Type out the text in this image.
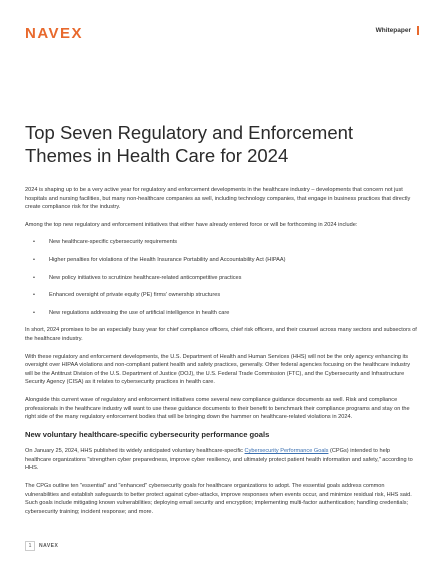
NAVEX	Whitepaper
Top Seven Regulatory and Enforcement Themes in Health Care for 2024

2024 is shaping up to be a very active year for regulatory and enforcement developments in the healthcare industry – developments that concern not just hospitals and nursing facilities, but many non-healthcare companies as well, including technology companies, that engage in business practices that directly create compliance risk for the industry.

Among the top new regulatory and enforcement initiatives that either have already entered force or will be forthcoming in 2024 include:

•	New healthcare-specific cybersecurity requirements
•	Higher penalties for violations of the Health Insurance Portability and Accountability Act (HIPAA)
•	New policy initiatives to scrutinize healthcare-related anticompetitive practices
•	Enhanced oversight of private equity (PE) firms' ownership structures
•	New regulations addressing the use of artificial intelligence in health care

In short, 2024 promises to be an especially busy year for chief compliance officers, chief risk officers, and their counsel across many sectors and subsectors of the healthcare industry.

With these regulatory and enforcement developments, the U.S. Department of Health and Human Services (HHS) will not be the only agency enhancing its oversight over HIPAA violations and non-compliant patient health and safety practices, generally. Other federal agencies focusing on the healthcare industry will be the Antitrust Division of the U.S. Department of Justice (DOJ), the U.S. Federal Trade Commission (FTC), and the Cybersecurity and Infrastructure Security Agency (CISA) as it relates to cybersecurity practices in health care.

Alongside this current wave of regulatory and enforcement initiatives come several new compliance guidance documents as well. Risk and compliance professionals in the healthcare industry will want to use these guidance documents to their benefit to benchmark their compliance programs and stay on the right side of the many regulatory enforcement bodies that will be bringing down the hammer on healthcare-related violations in 2024.

New voluntary healthcare-specific cybersecurity performance goals

On January 25, 2024, HHS published its widely anticipated voluntary healthcare-specific Cybersecurity Performance Goals (CPGs) intended to help healthcare organizations "strengthen cyber preparedness, improve cyber resiliency, and ultimately protect patient health information and safety," according to HHS.

The CPGs outline ten "essential" and "enhanced" cybersecurity goals for healthcare organizations to adopt. The essential goals address common vulnerabilities and establish safeguards to better protect against cyber-attacks, improve responses when events occur, and minimize residual risk, HHS said. Such goals include mitigating known vulnerabilities; deploying email security and encryption; implementing multi-factor authentication; handling credentials; cybersecurity training; incident response; and more.

1	NAVEX
